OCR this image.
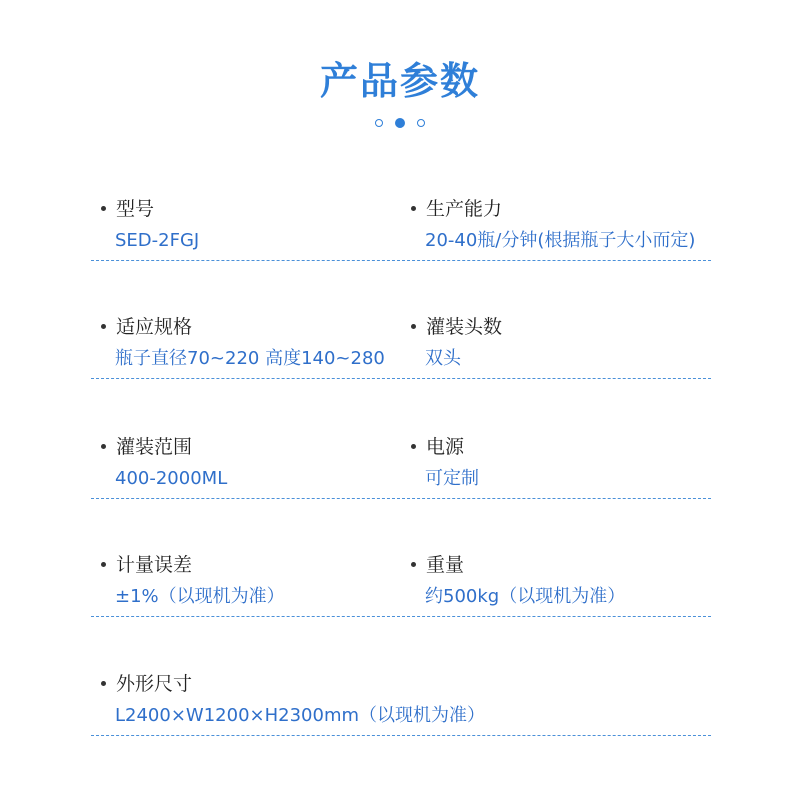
产品参数
型号
SED-2FGJ
生产能力
20-40瓶/分钟(根据瓶子大小而定)
适应规格
瓶子直径70~220 高度140~280
灌装头数
双头
灌装范围
400-2000ML
电源
可定制
计量误差
±1%（以现机为准）
重量
约500kg（以现机为准）
外形尺寸
L2400×W1200×H2300mm（以现机为准）
